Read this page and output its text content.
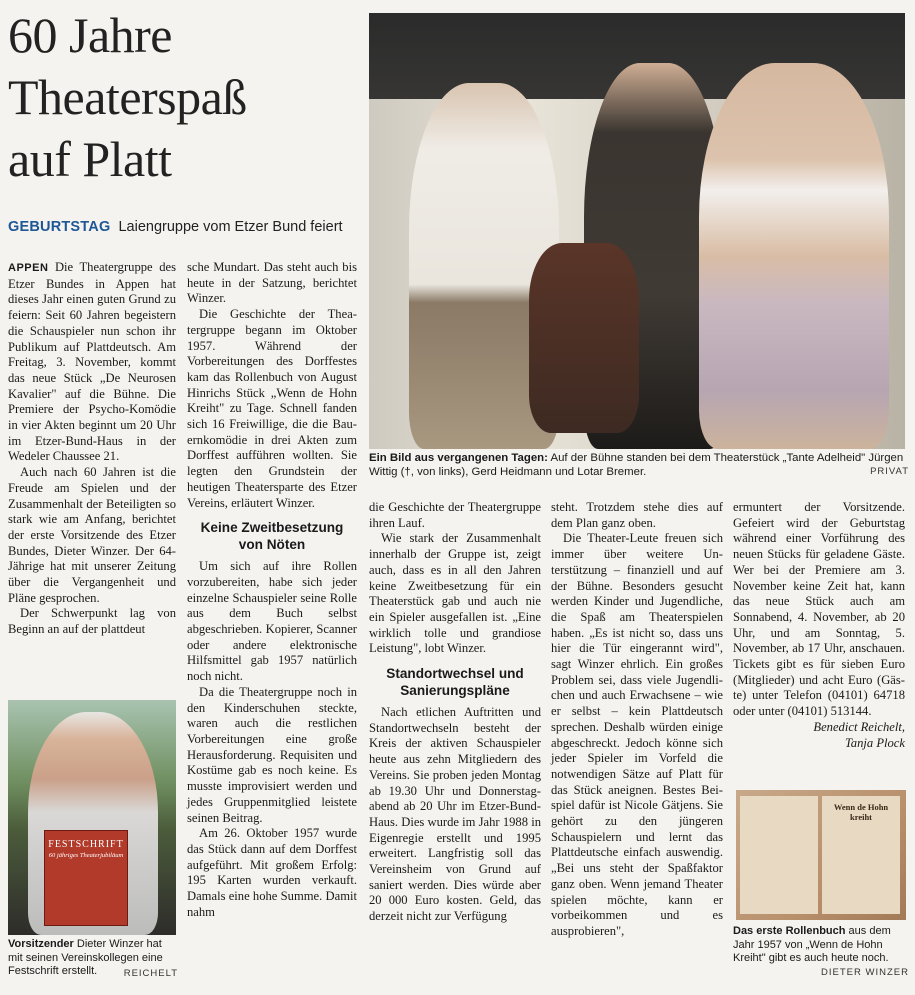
60 Jahre
Theaterspaß
auf Platt
GEBURTSTAG Laiengruppe vom Etzer Bund feiert
Ein Bild aus vergangenen Tagen: Auf der Bühne standen bei dem Theaterstück „Tante Adelheid" Jürgen Wittig (†, von links), Gerd Heidmann und Lotar Bremer.	PRIVAT

APPEN Die Theatergruppe des Etzer Bundes in Appen hat dieses Jahr einen guten Grund zu feiern: Seit 60 Jahren begeistern die Schauspieler nun schon ihr Publikum auf Plattdeutsch. Am Freitag, 3. November, kommt das neue Stück „De Neurosen Kavalier" auf die Bühne. Die Premiere der Psycho-Komödie in vier Akten beginnt um 20 Uhr im Etzer-Bund-Haus in der Wedeler Chaussee 21.

Auch nach 60 Jahren ist die Freude am Spielen und der Zusammenhalt der Beteiligten so stark wie am Anfang, berichtet der erste Vorsitzende des Etzer Bundes, Dieter Winzer. Der 64-Jährige hat mit unserer Zeitung über die Vergangenheit und Pläne gesprochen.

Der Schwerpunkt lag von Beginn an auf der plattdeut

FESTSCHRIFT
60 jähriges Theaterjubiläum
Vorsitzender Dieter Winzer hat mit seinen Vereinskollegen eine Festschrift erstellt.	REICHELT

sche Mundart. Das steht auch bis heute in der Satzung, berichtet Winzer.

Die Geschichte der Theatergruppe begann im Oktober 1957. Während der Vorbereitungen des Dorffestes kam das Rollenbuch von August Hinrichs Stück „Wenn de Hohn Kreiht" zu Tage. Schnell fanden sich 16 Freiwillige, die die Bauernkomödie in drei Akten zum Dorffest aufführen wollten. Sie legten den Grundstein der heutigen Theatersparte des Etzer Vereins, erläutert Winzer.

Keine Zweitbesetzung von Nöten

Um sich auf ihre Rollen vorzubereiten, habe sich jeder einzelne Schauspieler seine Rolle aus dem Buch selbst abgeschrieben. Kopierer, Scanner oder andere elektronische Hilfsmittel gab 1957 natürlich noch nicht.

Da die Theatergruppe noch in den Kinderschuhen steckte, waren auch die restlichen Vorbereitungen eine große Herausforderung. Requisiten und Kostüme gab es noch keine. Es musste improvisiert werden und jedes Gruppenmitglied leistete seinen Beitrag.

Am 26. Oktober 1957 wurde das Stück dann auf dem Dorffest aufgeführt. Mit großem Erfolg: 195 Karten wurden verkauft. Damals eine hohe Summe. Damit nahm

die Geschichte der Theatergruppe ihren Lauf.

Wie stark der Zusammenhalt innerhalb der Gruppe ist, zeigt auch, dass es in all den Jahren keine Zweitbesetzung für ein Theaterstück gab und auch nie ein Spieler ausgefallen ist. „Eine wirklich tolle und grandiose Leistung", lobt Winzer.

Standortwechsel und Sanierungspläne

Nach etlichen Auftritten und Standortwechseln besteht der Kreis der aktiven Schauspieler heute aus zehn Mitgliedern des Vereins. Sie proben jeden Montag ab 19.30 Uhr und Donnerstagabend ab 20 Uhr im Etzer-Bund-Haus. Dies wurde im Jahr 1988 in Eigenregie erstellt und 1995 erweitert. Langfristig soll das Vereinsheim von Grund auf saniert werden. Dies würde aber 20 000 Euro kosten. Geld, das derzeit nicht zur Verfügung

steht. Trotzdem stehe dies auf dem Plan ganz oben.

Die Theater-Leute freuen sich immer über weitere Unterstützung – finanziell und auf der Bühne. Besonders gesucht werden Kinder und Jugendliche, die Spaß am Theaterspielen haben. „Es ist nicht so, dass uns hier die Tür eingerannt wird", sagt Winzer ehrlich. Ein großes Problem sei, dass viele Jugendlichen und auch Erwachsene – wie er selbst – kein Plattdeutsch sprechen. Deshalb würden einige abgeschreckt. Jedoch könne sich jeder Spieler im Vorfeld die notwendigen Sätze auf Platt für das Stück aneignen. Bestes Beispiel dafür ist Nicole Gätjens. Sie gehört zu den jüngeren Schauspielern und lernt das Plattdeutsche einfach auswendig. „Bei uns steht der Spaßfaktor ganz oben. Wenn jemand Theater spielen möchte, kann er vorbeikommen und es ausprobieren",

ermuntert der Vorsitzende. Gefeiert wird der Geburtstag während einer Vorführung des neuen Stücks für geladene Gäste. Wer bei der Premiere am 3. November keine Zeit hat, kann das neue Stück auch am Sonnabend, 4. November, ab 20 Uhr, und am Sonntag, 5. November, ab 17 Uhr, anschauen. Tickets gibt es für sieben Euro (Mitglieder) und acht Euro (Gäste) unter Telefon (04101) 64718 oder unter (04101) 513144.

Benedict Reichelt,

Tanja Plock

Wenn de Hohn kreiht
Das erste Rollenbuch aus dem Jahr 1957 von „Wenn de Hohn Kreiht" gibt es auch heute noch.
DIETER WINZER
